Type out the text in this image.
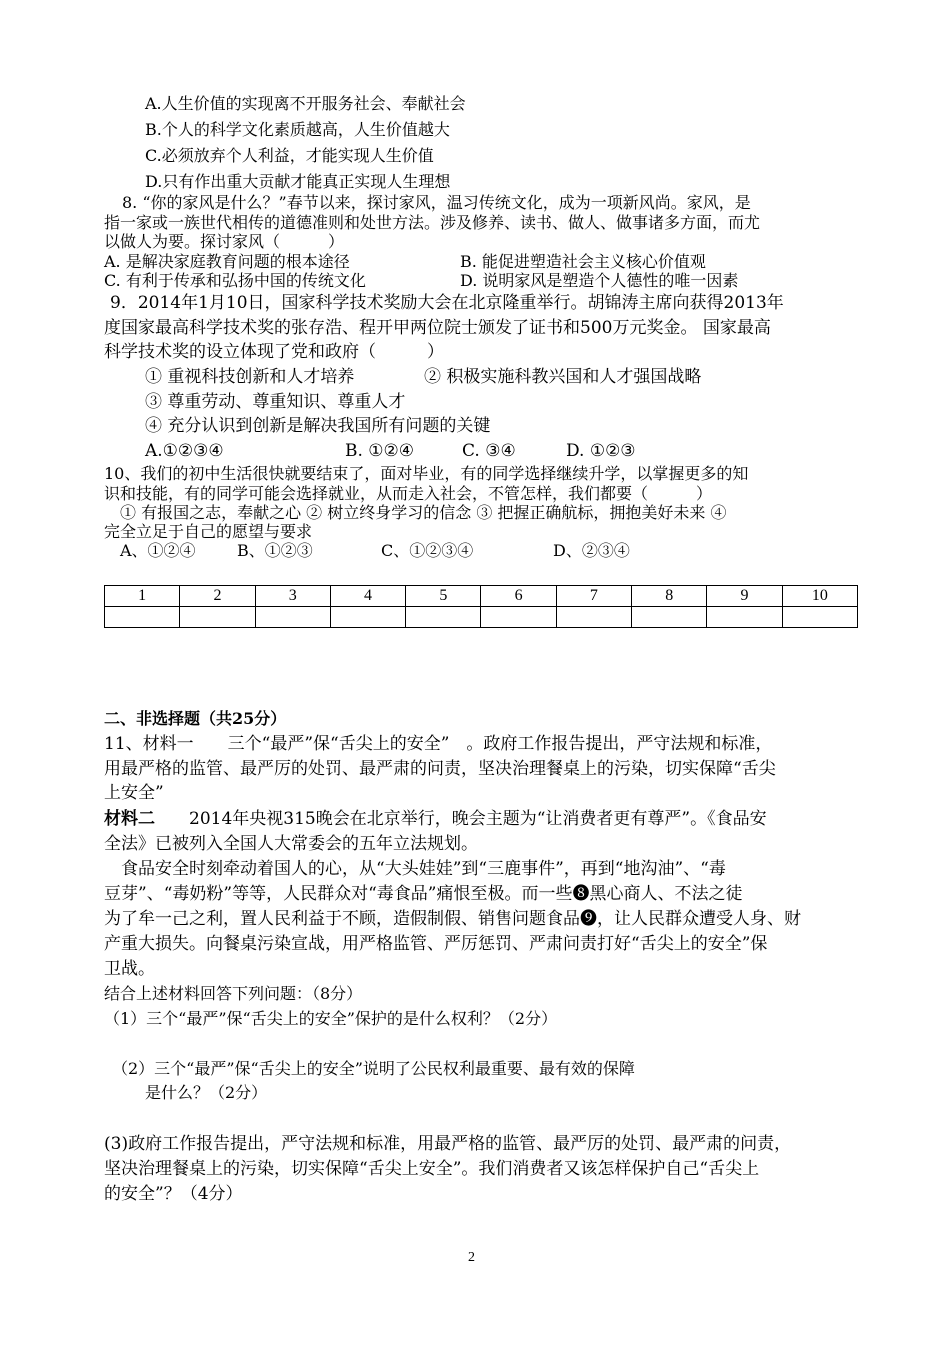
A.人生价值的实现离不开服务社会、奉献社会
B.个人的科学文化素质越高，人生价值越大
C.必须放弃个人利益，才能实现人生价值
D.只有作出重大贡献才能真正实现人生理想
8. “你的家风是什么？”春节以来，探讨家风，温习传统文化，成为一项新风尚。家风，是
指一家或一族世代相传的道德准则和处世方法。涉及修养、读书、做人、做事诸多方面，而尤
以做人为要。探讨家风（　　　）
A. 是解决家庭教育问题的根本途径	B. 能促进塑造社会主义核心价值观
C. 有利于传承和弘扬中国的传统文化	D. 说明家风是塑造个人德性的唯一因素
9．2014年1月10日，国家科学技术奖励大会在北京隆重举行。胡锦涛主席向获得2013年
度国家最高科学技术奖的张存浩、程开甲两位院士颁发了证书和500万元奖金。 国家最高
科学技术奖的设立体现了党和政府（　　　）
① 重视科技创新和人才培养	② 积极实施科教兴国和人才强国战略
③ 尊重劳动、尊重知识、尊重人才
④ 充分认识到创新是解决我国所有问题的关键
A.①②③④	B. ①②④	C. ③④	D. ①②③
10、我们的初中生活很快就要结束了，面对毕业，有的同学选择继续升学，以掌握更多的知
识和技能，有的同学可能会选择就业，从而走入社会，不管怎样，我们都要（　　　）
　① 有报国之志，奉献之心 ② 树立终身学习的信念 ③ 把握正确航标，拥抱美好未来 ④
完全立足于自己的愿望与要求
A、①②④	B、①②③	C、①②③④	D、②③④
1	2	3	4	5	6	7	8	9	10

二、非选择题（共25分）
11、材料一　　三个“最严”保“舌尖上的安全”　。政府工作报告提出，严守法规和标准，
用最严格的监管、最严厉的处罚、最严肃的问责，坚决治理餐桌上的污染，切实保障“舌尖
上安全”
材料二 　2014年央视315晚会在北京举行，晚会主题为“让消费者更有尊严”。《食品安
全法》已被列入全国人大常委会的五年立法规划。
　食品安全时刻牵动着国人的心，从“大头娃娃”到“三鹿事件”，再到“地沟油”、“毒
豆芽”、“毒奶粉”等等，人民群众对“毒食品”痛恨至极。而一些❽黑心商人、不法之徒
为了牟一己之利，置人民利益于不顾，造假制假、销售问题食品❾，让人民群众遭受人身、财
产重大损失。向餐桌污染宣战，用严格监管、严厉惩罚、严肃问责打好“舌尖上的安全”保
卫战。
结合上述材料回答下列问题：（8分）
（1）三个“最严”保“舌尖上的安全”保护的是什么权利？（2分）
（2）三个“最严”保“舌尖上的安全”说明了公民权利最重要、最有效的保障
是什么？（2分）
(3)政府工作报告提出，严守法规和标准，用最严格的监管、最严厉的处罚、最严肃的问责，
坚决治理餐桌上的污染，切实保障“舌尖上安全”。我们消费者又该怎样保护自己“舌尖上
的安全”？（4分）
2
